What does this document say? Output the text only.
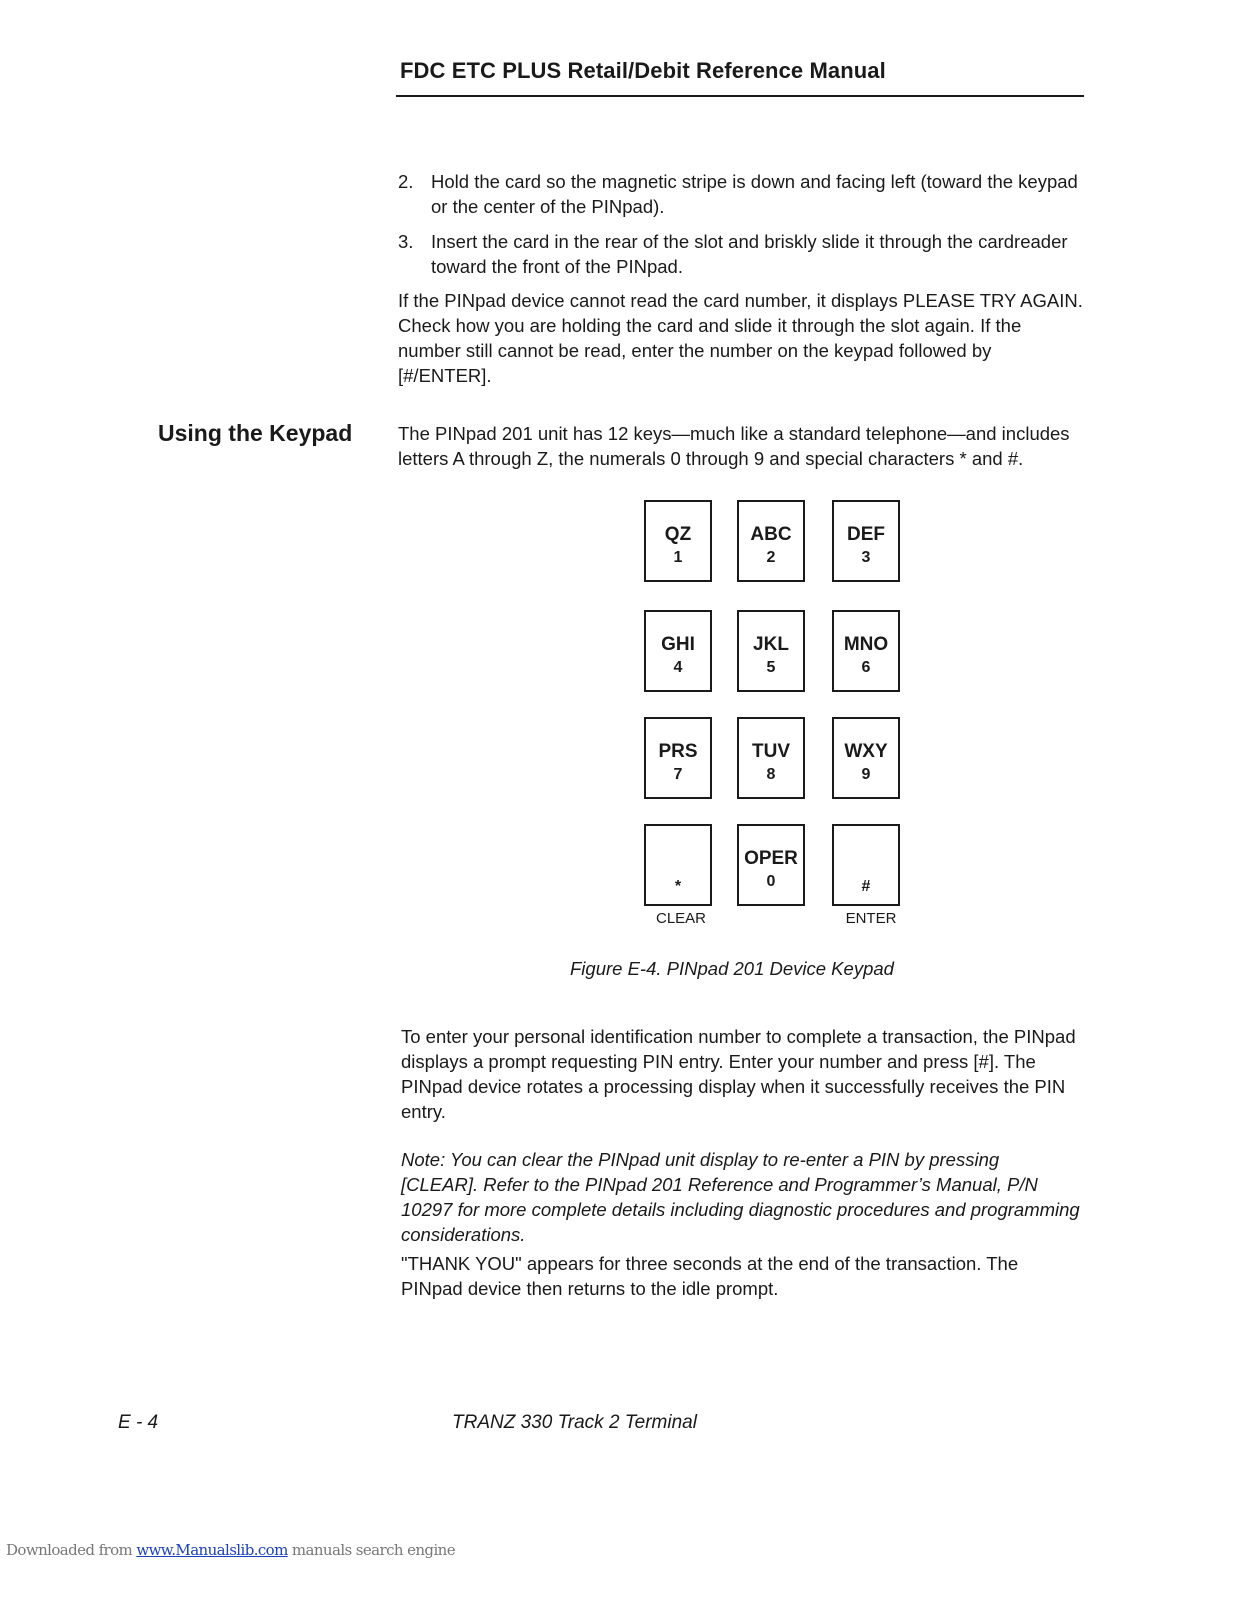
FDC ETC PLUS Retail/Debit Reference Manual
2. Hold the card so the magnetic stripe is down and facing left (toward the keypad or the center of the PINpad).
3. Insert the card in the rear of the slot and briskly slide it through the cardreader toward the front of the PINpad.

If the PINpad device cannot read the card number, it displays PLEASE TRY AGAIN. Check how you are holding the card and slide it through the slot again. If the number still cannot be read, enter the number on the keypad followed by [#/ENTER].

Using the Keypad The PINpad 201 unit has 12 keys—much like a standard telephone—and includes letters A through Z, the numerals 0 through 9 and special characters * and #.

QZ
1
ABC
2
DEF
3
GHI
4
JKL
5
MNO
6
PRS
7
TUV
8
WXY
9
*
OPER
0	#
CLEAR	ENTER

Figure E-4. PINpad 201 Device Keypad

To enter your personal identification number to complete a transaction, the PINpad displays a prompt requesting PIN entry. Enter your number and press [#]. The PINpad device rotates a processing display when it successfully receives the PIN entry.

Note: You can clear the PINpad unit display to re-enter a PIN by pressing [CLEAR]. Refer to the PINpad 201 Reference and Programmer’s Manual, P/N 10297 for more complete details including diagnostic procedures and programming considerations.

"THANK YOU" appears for three seconds at the end of the transaction. The PINpad device then returns to the idle prompt.

E - 4	TRANZ 330 Track 2 Terminal
Downloaded from www.Manualslib.com manuals search engine
